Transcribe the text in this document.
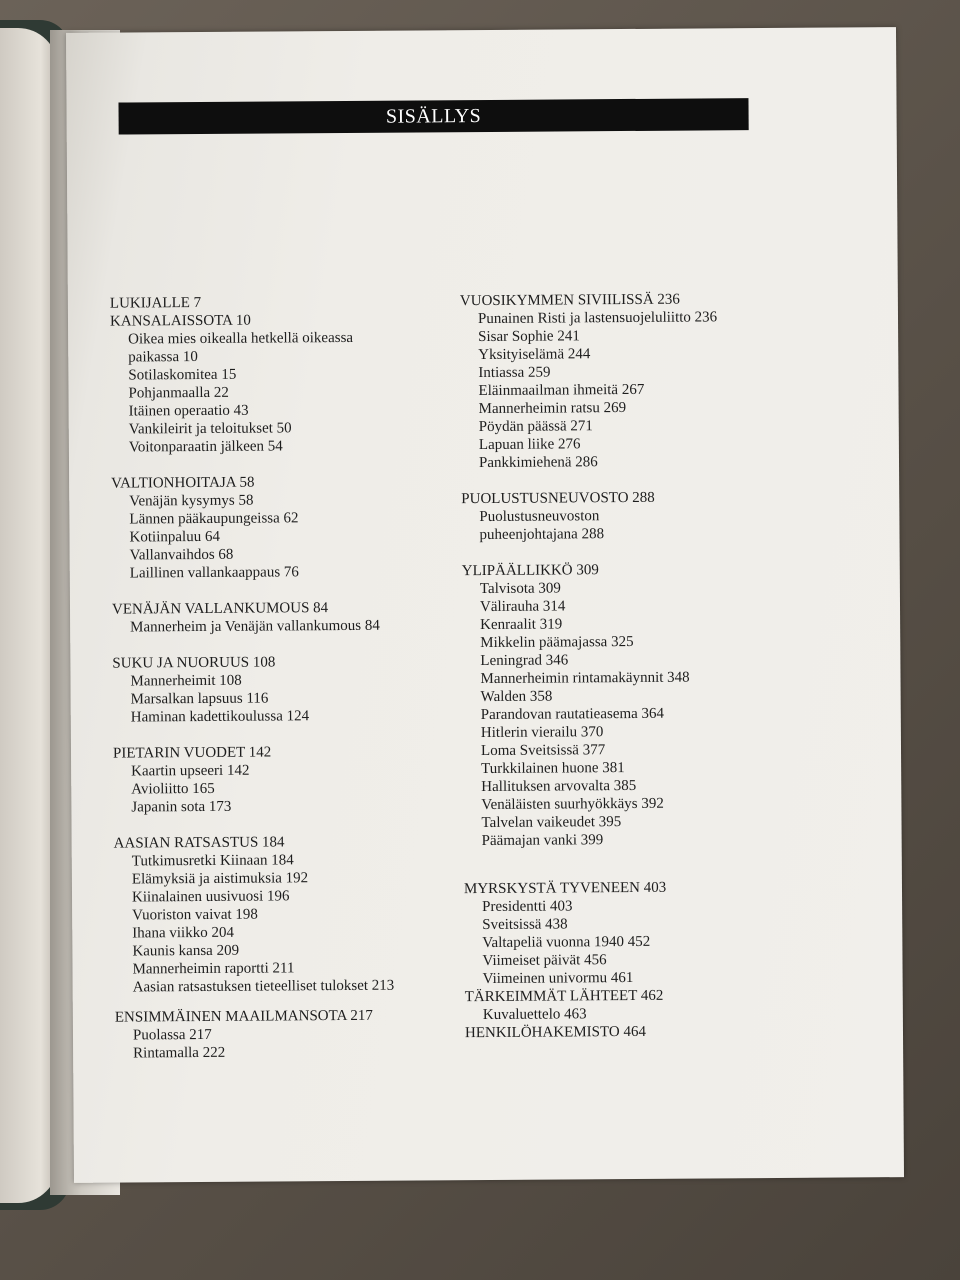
SISÄLLYS
LUKIJALLE 7
KANSALAISSOTA 10
Oikea mies oikealla hetkellä oikeassa
paikassa 10
Sotilaskomitea 15
Pohjanmaalla 22
Itäinen operaatio 43
Vankileirit ja teloitukset 50
Voitonparaatin jälkeen 54
VALTIONHOITAJA 58
Venäjän kysymys 58
Lännen pääkaupungeissa 62
Kotiinpaluu 64
Vallanvaihdos 68
Laillinen vallankaappaus 76
VENÄJÄN VALLANKUMOUS 84
Mannerheim ja Venäjän vallankumous 84
SUKU JA NUORUUS 108
Mannerheimit 108
Marsalkan lapsuus 116
Haminan kadettikoulussa 124
PIETARIN VUODET 142
Kaartin upseeri 142
Avioliitto 165
Japanin sota 173
AASIAN RATSASTUS 184
Tutkimusretki Kiinaan 184
Elämyksiä ja aistimuksia 192
Kiinalainen uusivuosi 196
Vuoriston vaivat 198
Ihana viikko 204
Kaunis kansa 209
Mannerheimin raportti 211
Aasian ratsastuksen tieteelliset tulokset 213
ENSIMMÄINEN MAAILMANSOTA 217
Puolassa 217
Rintamalla 222
VUOSIKYMMEN SIVIILISSÄ 236
Punainen Risti ja lastensuojeluliitto 236
Sisar Sophie 241
Yksityiselämä 244
Intiassa 259
Eläinmaailman ihmeitä 267
Mannerheimin ratsu 269
Pöydän päässä 271
Lapuan liike 276
Pankkimiehenä 286
PUOLUSTUSNEUVOSTO 288
Puolustusneuvoston
puheenjohtajana 288
YLIPÄÄLLIKKÖ 309
Talvisota 309
Välirauha 314
Kenraalit 319
Mikkelin päämajassa 325
Leningrad 346
Mannerheimin rintamakäynnit 348
Walden 358
Parandovan rautatieasema 364
Hitlerin vierailu 370
Loma Sveitsissä 377
Turkkilainen huone 381
Hallituksen arvovalta 385
Venäläisten suurhyökkäys 392
Talvelan vaikeudet 395
Päämajan vanki 399
MYRSKYSTÄ TYVENEEN 403
Presidentti 403
Sveitsissä 438
Valtapeliä vuonna 1940 452
Viimeiset päivät 456
Viimeinen univormu 461
TÄRKEIMMÄT LÄHTEET 462
Kuvaluettelo 463
HENKILÖHAKEMISTO 464
